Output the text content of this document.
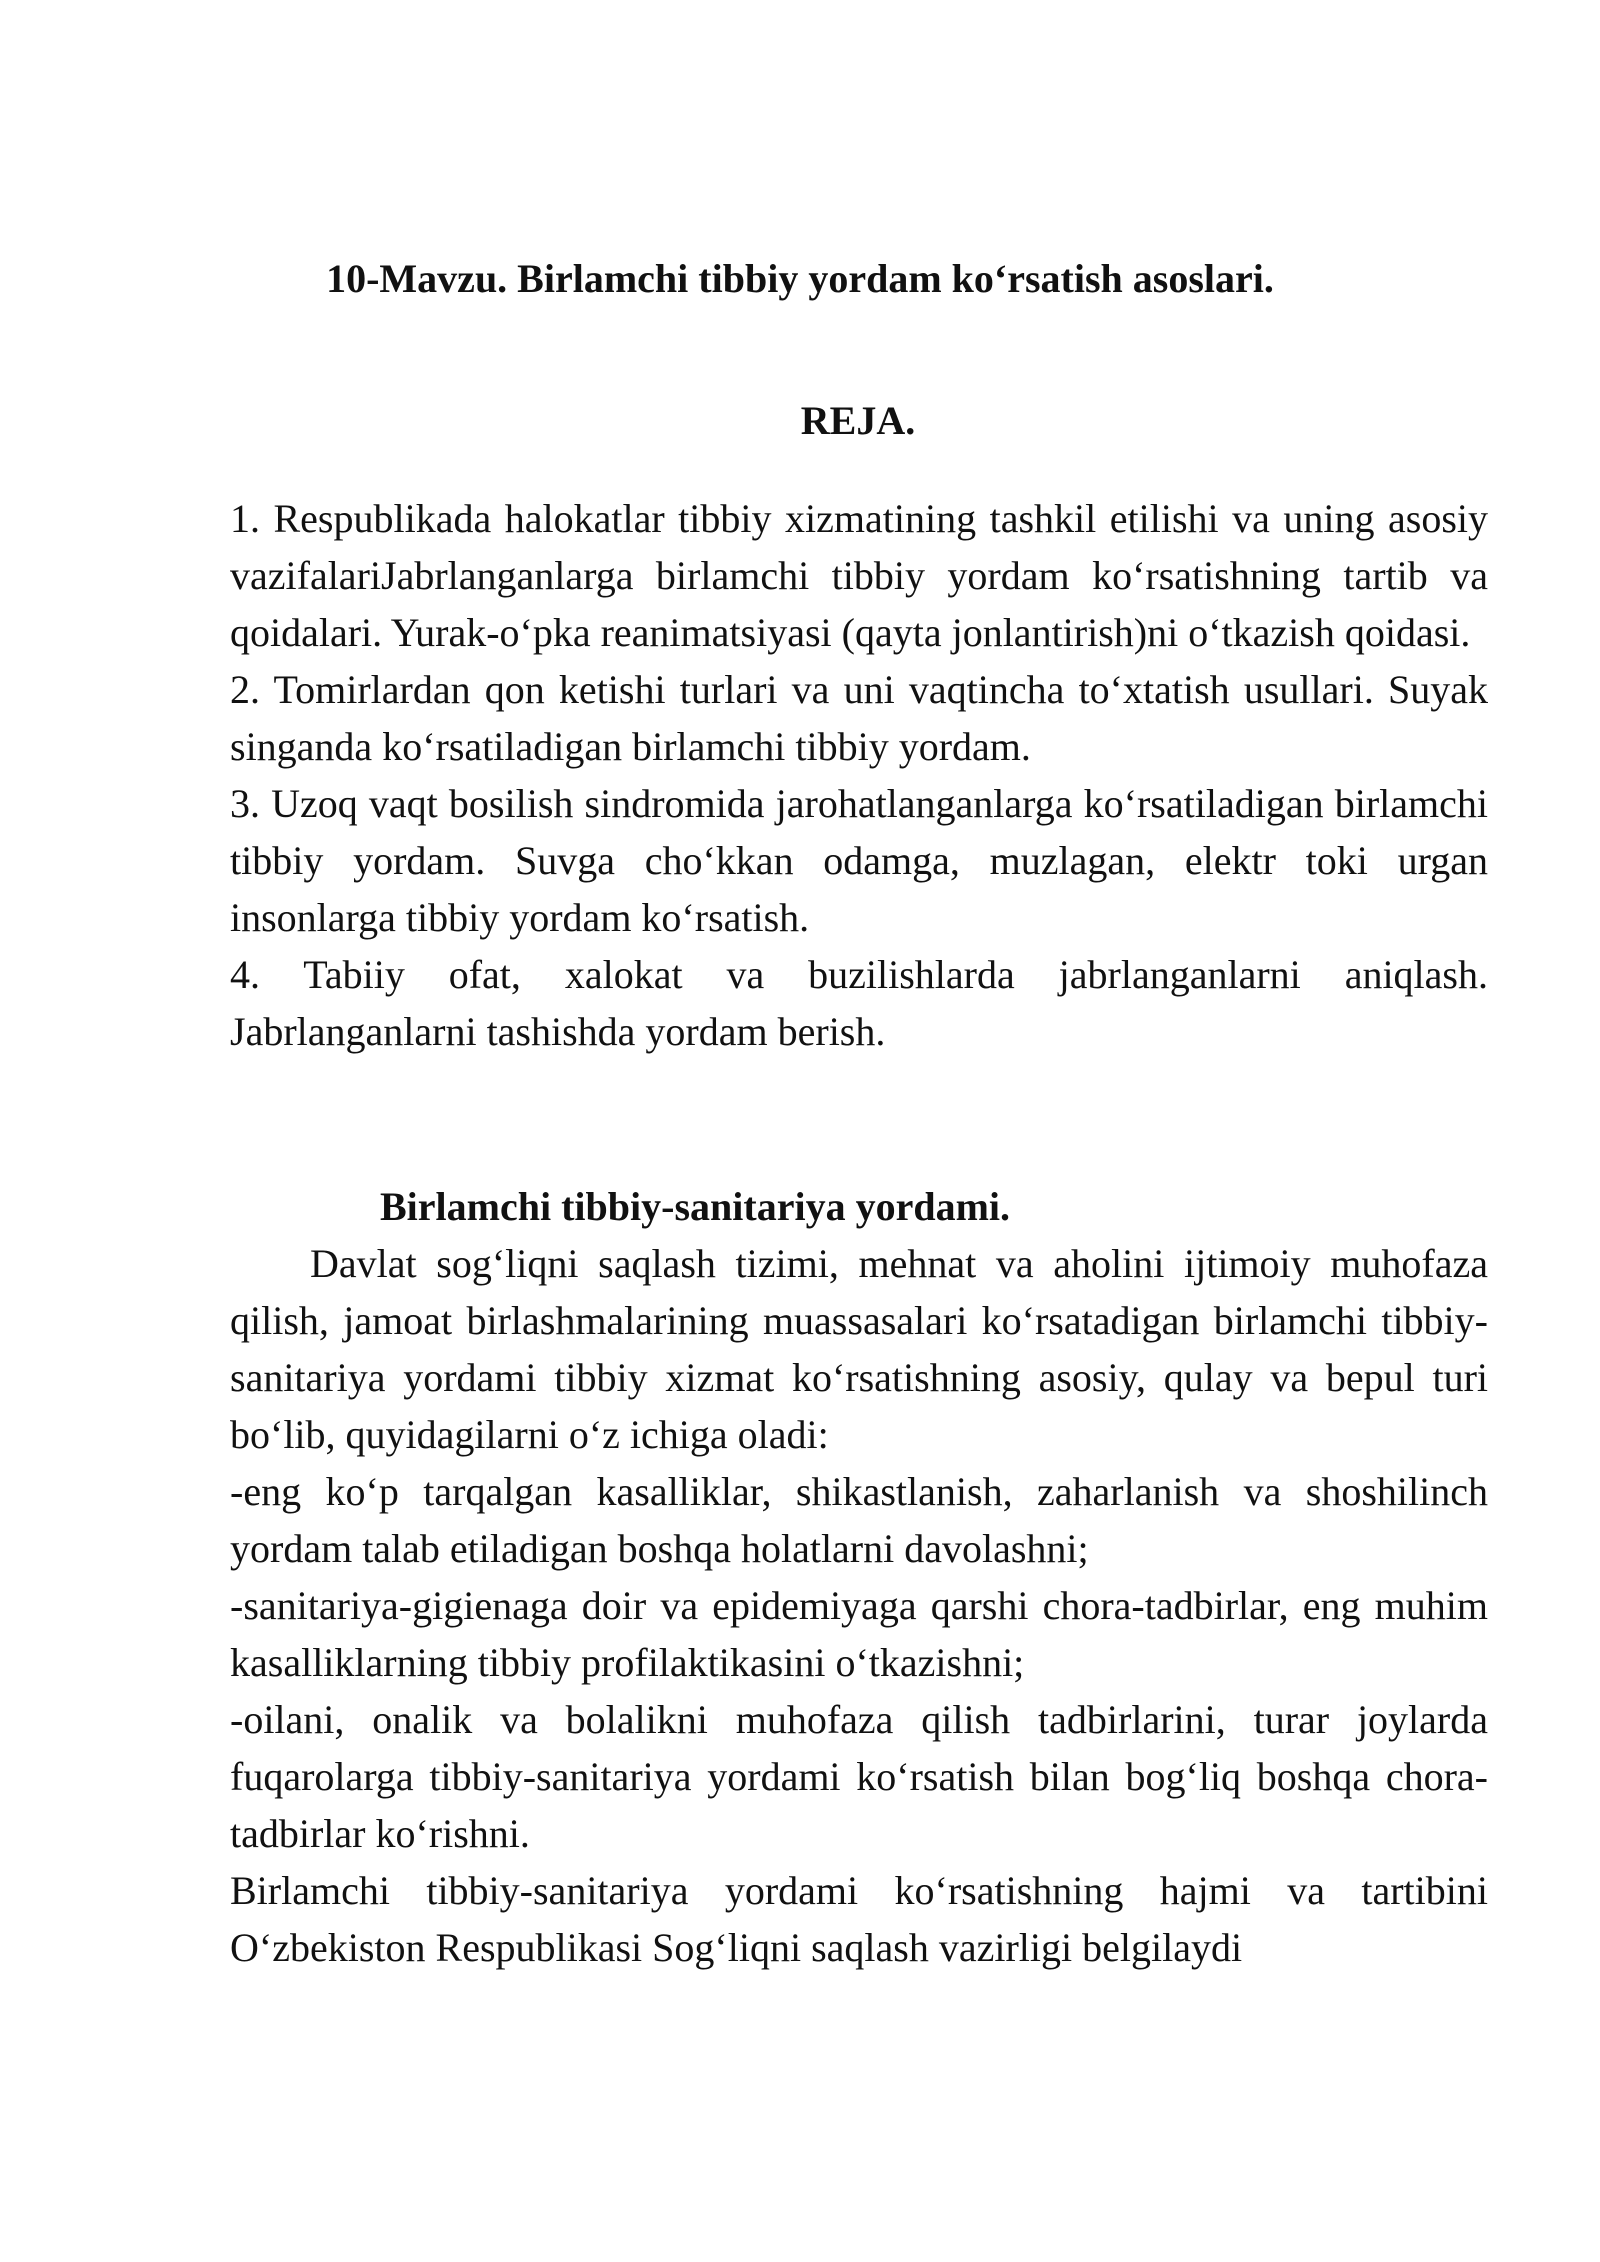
10-Mavzu. Birlamchi tibbiy yordam ko‘rsatish asoslari.
REJA.

1. Respublikada halokatlar tibbiy xizmatining tashkil etilishi va uning asosiy vazifalariJabrlanganlarga birlamchi tibbiy yordam ko‘rsatishning tartib va qoidalari. Yurak-o‘pka reanimatsiyasi (qayta jonlantirish)ni o‘tkazish qoidasi.

2. Tomirlardan qon ketishi turlari va uni vaqtincha to‘xtatish usullari. Suyak singanda ko‘rsatiladigan birlamchi tibbiy yordam.

3. Uzoq vaqt bosilish sindromida jarohatlanganlarga ko‘rsatiladigan birlamchi tibbiy yordam. Suvga cho‘kkan odamga, muzlagan, elektr toki urgan insonlarga tibbiy yordam ko‘rsatish.

4. Tabiiy ofat, xalokat va buzilishlarda jabrlanganlarni aniqlash. Jabrlanganlarni tashishda yordam berish.

Birlamchi tibbiy-sanitariya yordami.

Davlat sog‘liqni saqlash tizimi, mehnat va aholini ijtimoiy muhofaza qilish, jamoat birlashmalarining muassasalari ko‘rsatadigan birlamchi tibbiy-sanitariya yordami tibbiy xizmat ko‘rsatishning asosiy, qulay va bepul turi bo‘lib, quyidagilarni o‘z ichiga oladi:

-eng ko‘p tarqalgan kasalliklar, shikastlanish, zaharlanish va shoshilinch yordam talab etiladigan boshqa holatlarni davolashni;

-sanitariya-gigienaga doir va epidemiyaga qarshi chora-tadbirlar, eng muhim kasalliklarning tibbiy profilaktikasini o‘tkazishni;

-oilani, onalik va bolalikni muhofaza qilish tadbirlarini, turar joylarda fuqarolarga tibbiy-sanitariya yordami ko‘rsatish bilan bog‘liq boshqa chora-tadbirlar ko‘rishni.

Birlamchi tibbiy-sanitariya yordami ko‘rsatishning hajmi va tartibini O‘zbekiston Respublikasi Sog‘liqni saqlash vazirligi belgilaydi
